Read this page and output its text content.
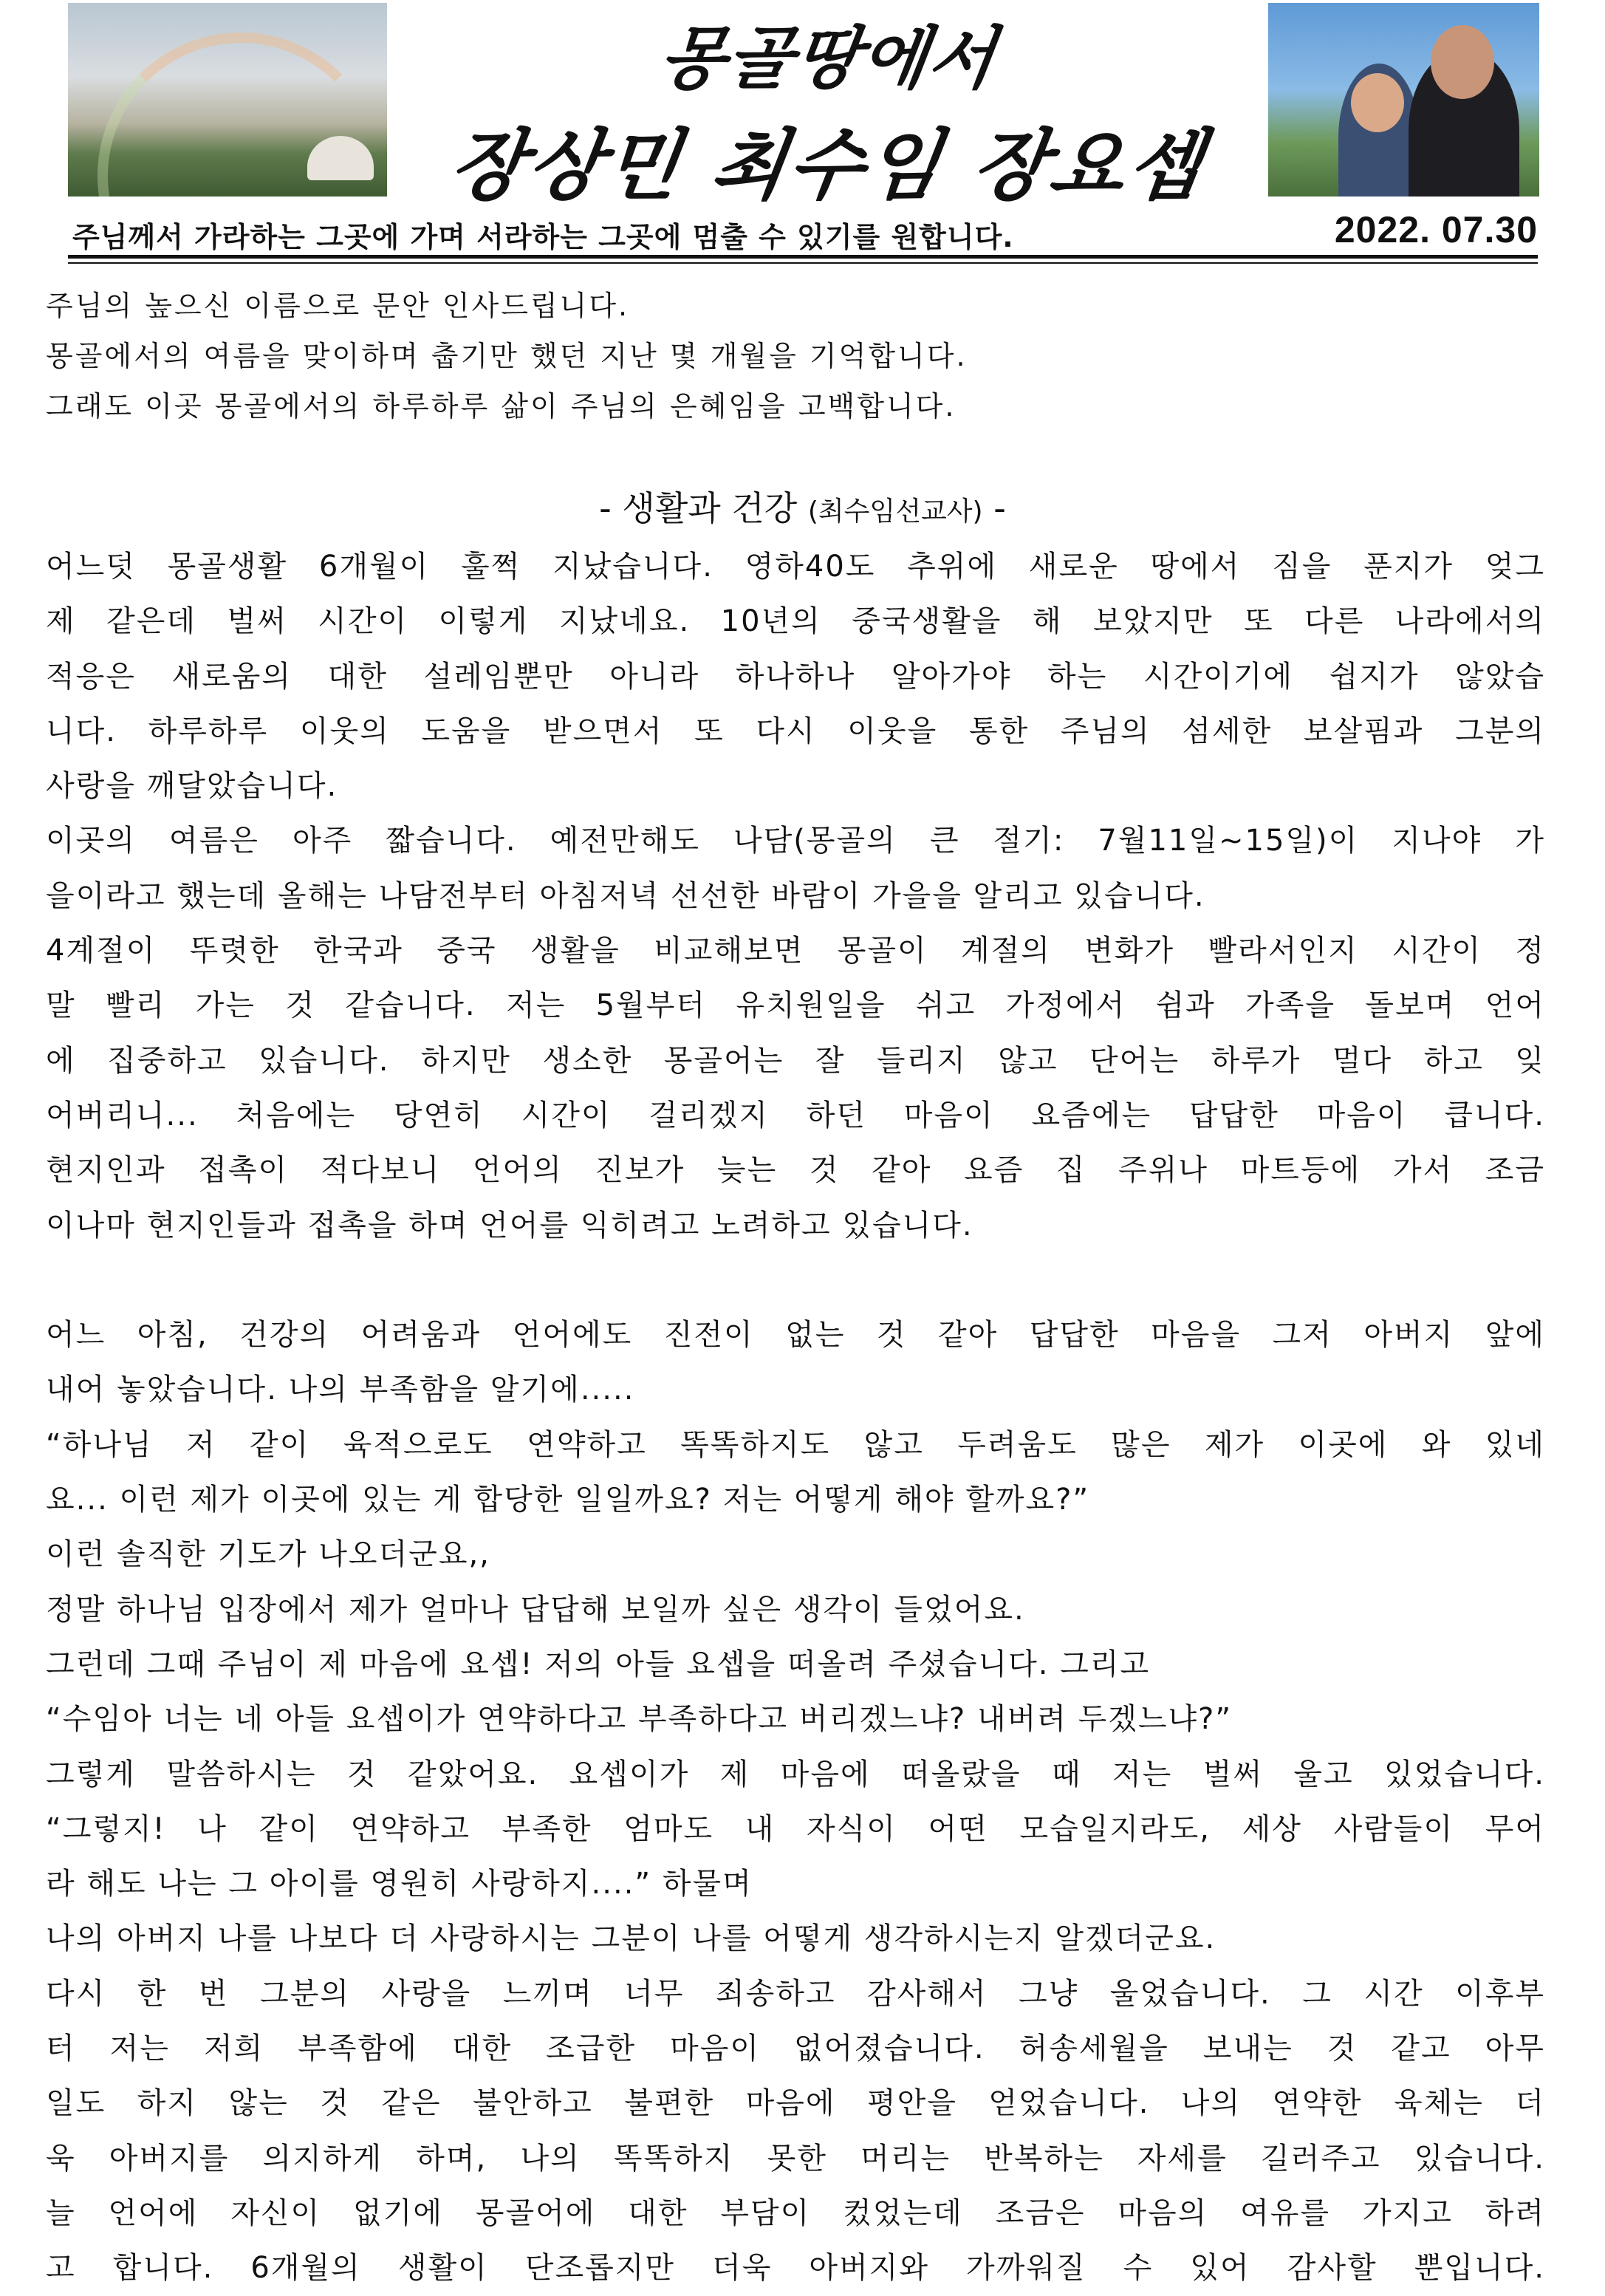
몽골땅에서
장상민 최수임 장요셉
주님께서 가라하는 그곳에 가며 서라하는 그곳에 멈출 수 있기를 원합니다.	2022. 07.30

주님의 높으신 이름으로 문안 인사드립니다.

몽골에서의 여름을 맞이하며 춥기만 했던 지난 몇 개월을 기억합니다.

그래도 이곳 몽골에서의 하루하루 삶이 주님의 은혜임을 고백합니다.

- 생활과 건강 (최수임선교사) -

어느덧 몽골생활 6개월이 훌쩍 지났습니다. 영하40도 추위에 새로운 땅에서 짐을 푼지가 엊그

제 같은데 벌써 시간이 이렇게 지났네요. 10년의 중국생활을 해 보았지만 또 다른 나라에서의

적응은 새로움의 대한 설레임뿐만 아니라 하나하나 알아가야 하는 시간이기에 쉽지가 않았습

니다. 하루하루 이웃의 도움을 받으면서 또 다시 이웃을 통한 주님의 섬세한 보살핌과 그분의

사랑을 깨달았습니다.

이곳의 여름은 아주 짧습니다. 예전만해도 나담(몽골의 큰 절기: 7월11일~15일)이 지나야 가

을이라고 했는데 올해는 나담전부터 아침저녁 선선한 바람이 가을을 알리고 있습니다.

4계절이 뚜렷한 한국과 중국 생활을 비교해보면 몽골이 계절의 변화가 빨라서인지 시간이 정

말 빨리 가는 것 같습니다. 저는 5월부터 유치원일을 쉬고 가정에서 쉼과 가족을 돌보며 언어

에 집중하고 있습니다. 하지만 생소한 몽골어는 잘 들리지 않고 단어는 하루가 멀다 하고 잊

어버리니... 처음에는 당연히 시간이 걸리겠지 하던 마음이 요즘에는 답답한 마음이 큽니다.

현지인과 접촉이 적다보니 언어의 진보가 늦는 것 같아 요즘 집 주위나 마트등에 가서 조금

이나마 현지인들과 접촉을 하며 언어를 익히려고 노려하고 있습니다.

어느 아침, 건강의 어려움과 언어에도 진전이 없는 것 같아 답답한 마음을 그저 아버지 앞에

내어 놓았습니다. 나의 부족함을 알기에.....

“하나님 저 같이 육적으로도 연약하고 똑똑하지도 않고 두려움도 많은 제가 이곳에 와 있네

요... 이런 제가 이곳에 있는 게 합당한 일일까요? 저는 어떻게 해야 할까요?”

이런 솔직한 기도가 나오더군요,,

정말 하나님 입장에서 제가 얼마나 답답해 보일까 싶은 생각이 들었어요.

그런데 그때 주님이 제 마음에 요셉! 저의 아들 요셉을 떠올려 주셨습니다. 그리고

“수임아 너는 네 아들 요셉이가 연약하다고 부족하다고 버리겠느냐? 내버려 두겠느냐?”

그렇게 말씀하시는 것 같았어요. 요셉이가 제 마음에 떠올랐을 때 저는 벌써 울고 있었습니다.

“그렇지! 나 같이 연약하고 부족한 엄마도 내 자식이 어떤 모습일지라도, 세상 사람들이 무어

라 해도 나는 그 아이를 영원히 사랑하지....” 하물며

나의 아버지 나를 나보다 더 사랑하시는 그분이 나를 어떻게 생각하시는지 알겠더군요.

다시 한 번 그분의 사랑을 느끼며 너무 죄송하고 감사해서 그냥 울었습니다. 그 시간 이후부

터 저는 저희 부족함에 대한 조급한 마음이 없어졌습니다. 허송세월을 보내는 것 같고 아무

일도 하지 않는 것 같은 불안하고 불편한 마음에 평안을 얻었습니다. 나의 연약한 육체는 더

욱 아버지를 의지하게 하며, 나의 똑똑하지 못한 머리는 반복하는 자세를 길러주고 있습니다.

늘 언어에 자신이 없기에 몽골어에 대한 부담이 컸었는데 조금은 마음의 여유를 가지고 하려

고 합니다. 6개월의 생활이 단조롭지만 더욱 아버지와 가까워질 수 있어 감사할 뿐입니다.
